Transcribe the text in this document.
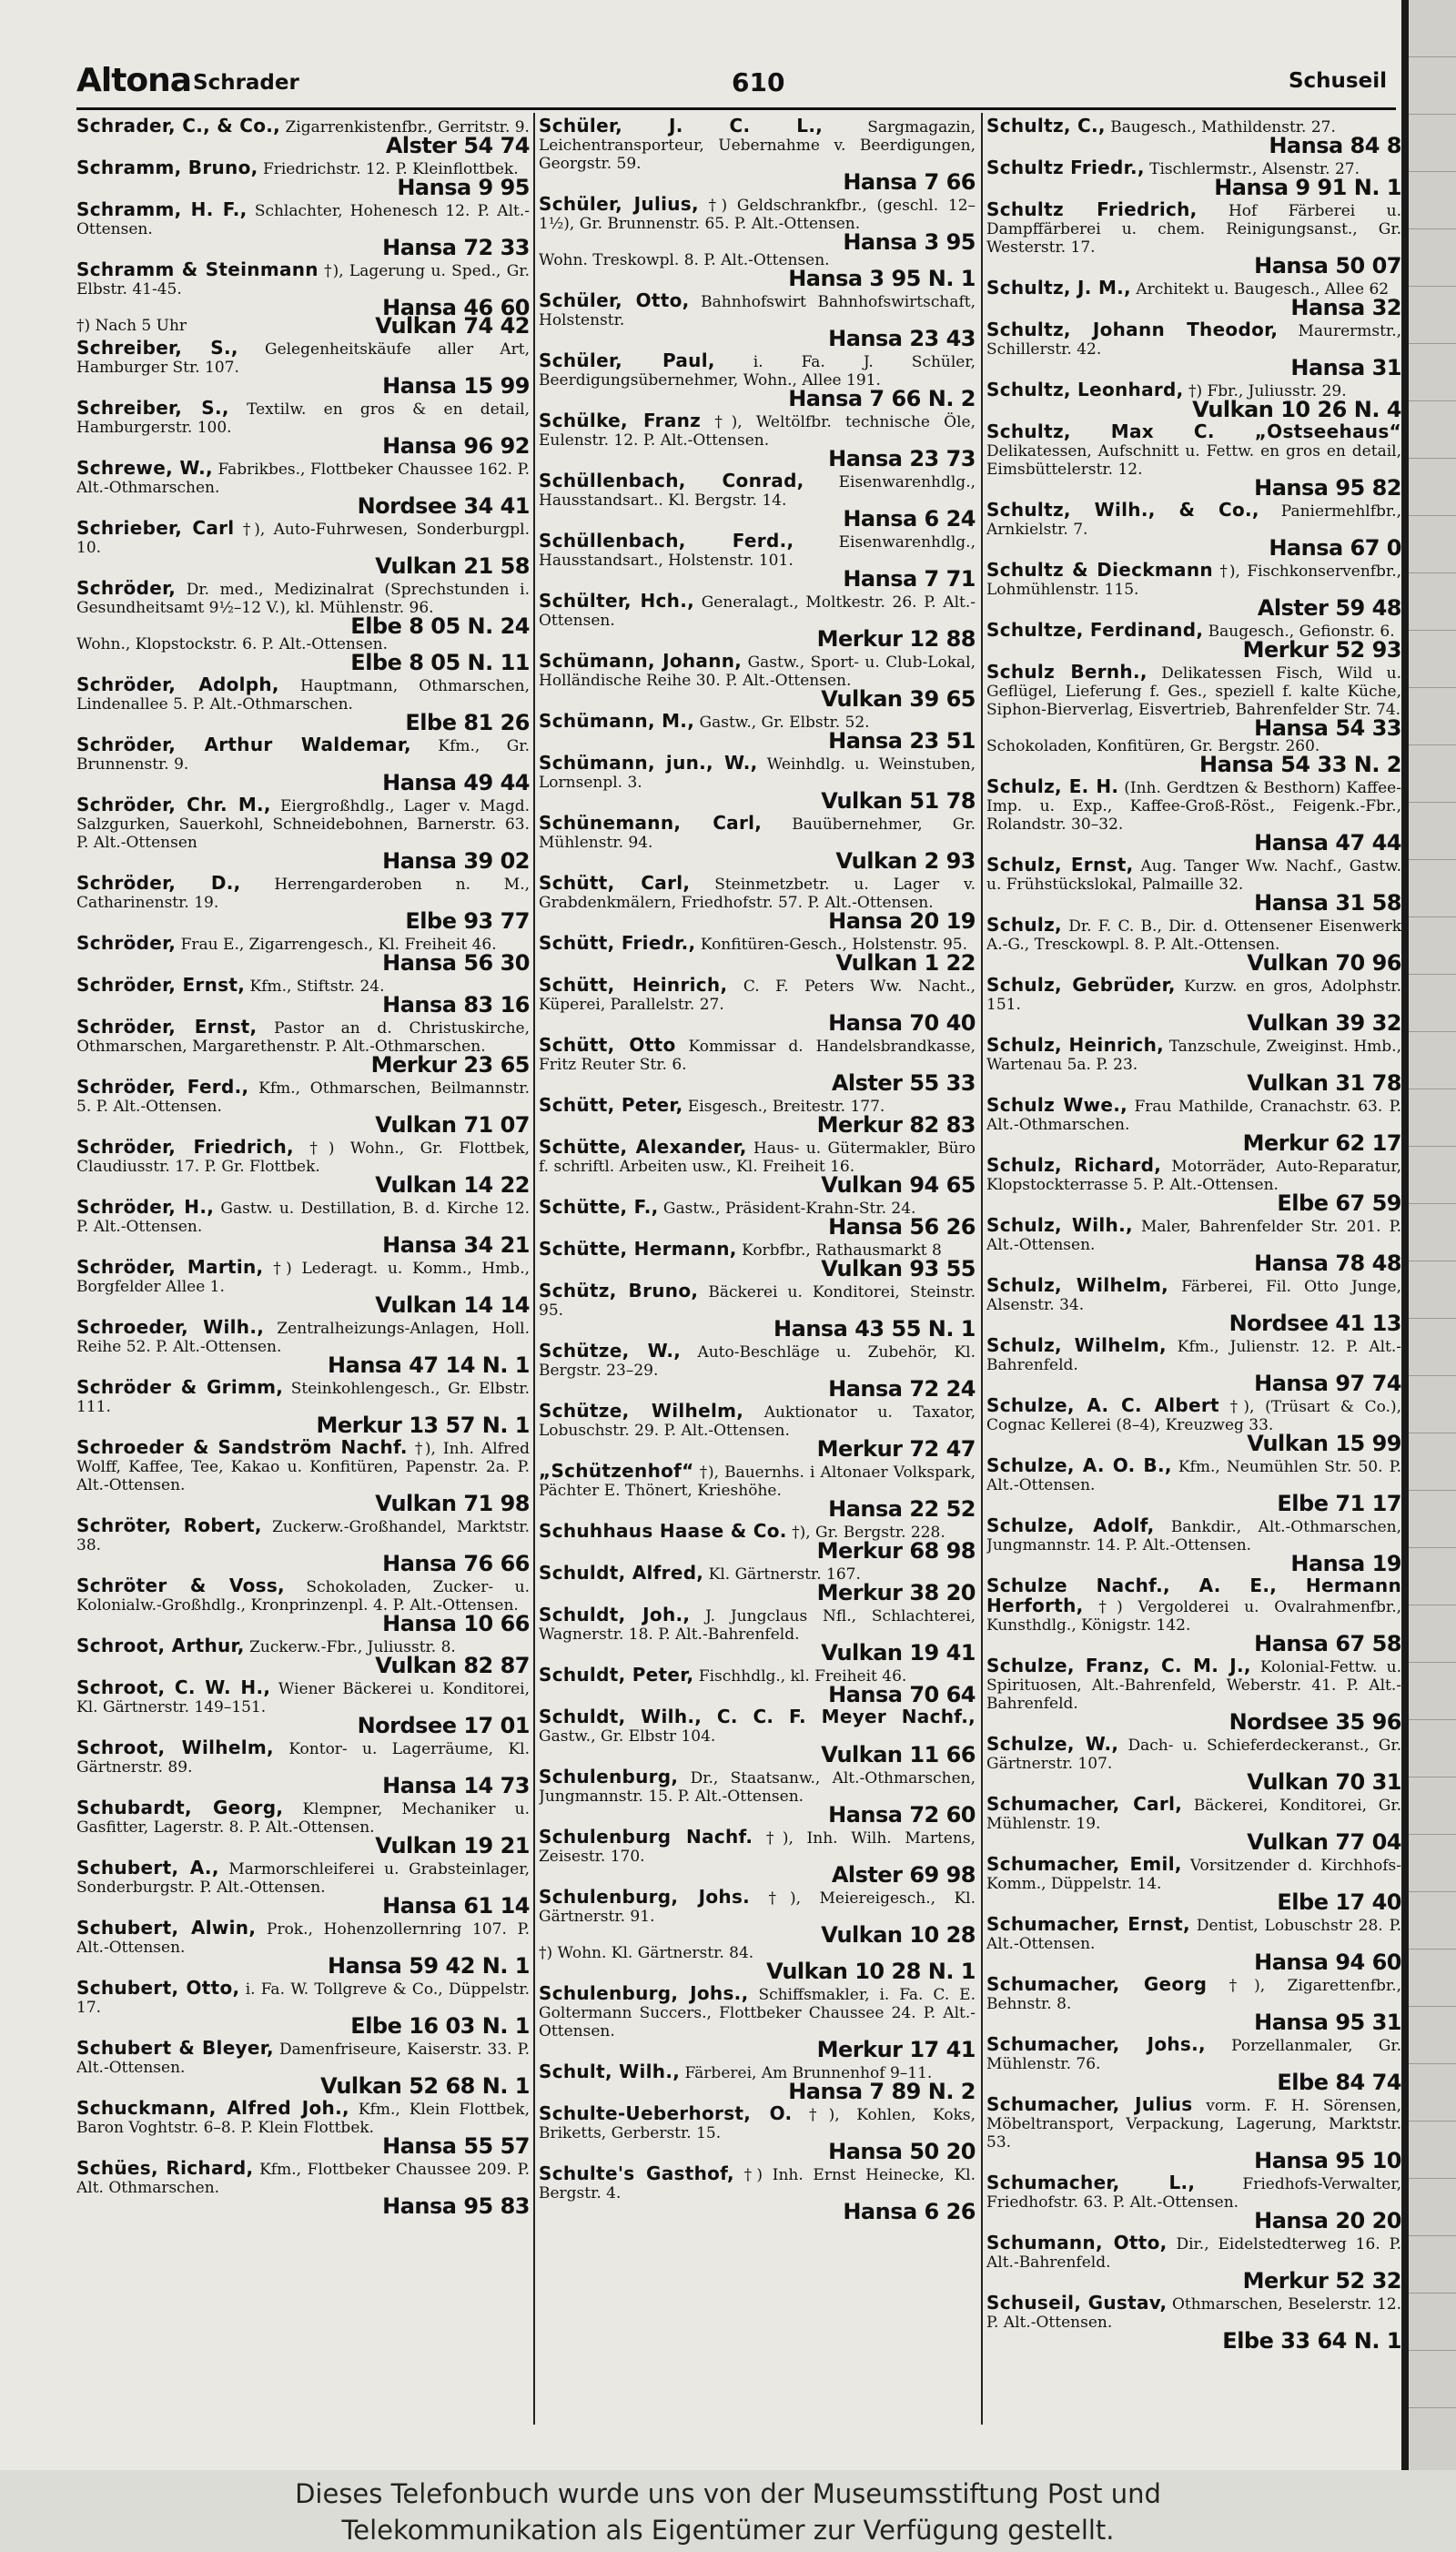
Altona Schrader	610	Schuseil
Schrader, C., & Co., Zigarrenkistenfbr., Gerritstr. 9.
Alster 54 74
Schramm, Bruno, Friedrichstr. 12. P. Kleinflottbek.
Hansa 9 95
Schramm, H. F., Schlachter, Hohenesch 12. P. Alt.-Ottensen.
Hansa 72 33
Schramm & Steinmann †), Lagerung u. Sped., Gr. Elbstr. 41-45.
Hansa 46 60
†) Nach 5 Uhr	Vulkan 74 42
Schreiber, S., Gelegenheitskäufe aller Art, Hamburger Str. 107.
Hansa 15 99
Schreiber, S., Textilw. en gros & en detail, Hamburgerstr. 100.
Hansa 96 92
Schrewe, W., Fabrikbes., Flottbeker Chaussee 162. P. Alt.-Othmarschen.
Nordsee 34 41
Schrieber, Carl †), Auto-Fuhrwesen, Sonderburgpl. 10.
Vulkan 21 58
Schröder, Dr. med., Medizinalrat (Sprechstunden i. Gesundheitsamt 9½–12 V.), kl. Mühlenstr. 96.
Elbe 8 05 N. 24
Wohn., Klopstockstr. 6. P. Alt.-Ottensen.
Elbe 8 05 N. 11
Schröder, Adolph, Hauptmann, Othmarschen, Lindenallee 5. P. Alt.-Othmarschen.
Elbe 81 26
Schröder, Arthur Waldemar, Kfm., Gr. Brunnenstr. 9.
Hansa 49 44
Schröder, Chr. M., Eiergroßhdlg., Lager v. Magd. Salzgurken, Sauerkohl, Schneidebohnen, Barnerstr. 63. P. Alt.-Ottensen
Hansa 39 02
Schröder, D., Herrengarderoben n. M., Catharinenstr. 19.
Elbe 93 77
Schröder, Frau E., Zigarrengesch., Kl. Freiheit 46.
Hansa 56 30
Schröder, Ernst, Kfm., Stiftstr. 24.
Hansa 83 16
Schröder, Ernst, Pastor an d. Christuskirche, Othmarschen, Margarethenstr. P. Alt.-Othmarschen.
Merkur 23 65
Schröder, Ferd., Kfm., Othmarschen, Beilmannstr. 5. P. Alt.-Ottensen.
Vulkan 71 07
Schröder, Friedrich, †) Wohn., Gr. Flottbek, Claudiusstr. 17. P. Gr. Flottbek.
Vulkan 14 22
Schröder, H., Gastw. u. Destillation, B. d. Kirche 12. P. Alt.-Ottensen.
Hansa 34 21
Schröder, Martin, †) Lederagt. u. Komm., Hmb., Borgfelder Allee 1.
Vulkan 14 14
Schroeder, Wilh., Zentralheizungs-Anlagen, Holl. Reihe 52. P. Alt.-Ottensen.
Hansa 47 14 N. 1
Schröder & Grimm, Steinkohlengesch., Gr. Elbstr. 111.
Merkur 13 57 N. 1
Schroeder & Sandström Nachf. †), Inh. Alfred Wolff, Kaffee, Tee, Kakao u. Konfitüren, Papenstr. 2a. P. Alt.-Ottensen.
Vulkan 71 98
Schröter, Robert, Zuckerw.-Großhandel, Marktstr. 38.
Hansa 76 66
Schröter & Voss, Schokoladen, Zucker- u. Kolonialw.-Großhdlg., Kronprinzenpl. 4. P. Alt.-Ottensen.
Hansa 10 66
Schroot, Arthur, Zuckerw.-Fbr., Juliusstr. 8.
Vulkan 82 87
Schroot, C. W. H., Wiener Bäckerei u. Konditorei, Kl. Gärtnerstr. 149–151.
Nordsee 17 01
Schroot, Wilhelm, Kontor- u. Lagerräume, Kl. Gärtnerstr. 89.
Hansa 14 73
Schubardt, Georg, Klempner, Mechaniker u. Gasfitter, Lagerstr. 8. P. Alt.-Ottensen.
Vulkan 19 21
Schubert, A., Marmorschleiferei u. Grabsteinlager, Sonderburgstr. P. Alt.-Ottensen.
Hansa 61 14
Schubert, Alwin, Prok., Hohenzollernring 107. P. Alt.-Ottensen.
Hansa 59 42 N. 1
Schubert, Otto, i. Fa. W. Tollgreve & Co., Düppelstr. 17.
Elbe 16 03 N. 1
Schubert & Bleyer, Damenfriseure, Kaiserstr. 33. P. Alt.-Ottensen.
Vulkan 52 68 N. 1
Schuckmann, Alfred Joh., Kfm., Klein Flottbek, Baron Voghtstr. 6–8. P. Klein Flottbek.
Hansa 55 57
Schües, Richard, Kfm., Flottbeker Chaussee 209. P. Alt. Othmarschen.
Hansa 95 83
Schüler, J. C. L.,	Sargmagazin, Leichentransporteur, Uebernahme v. Beerdigungen, Georgstr. 59.
Hansa 7 66
Schüler, Julius, †) Geldschrankfbr., (geschl. 12–1½), Gr. Brunnenstr. 65. P. Alt.-Ottensen.
Hansa 3 95
Wohn. Treskowpl. 8. P. Alt.-Ottensen.
Hansa 3 95 N. 1
Schüler, Otto, Bahnhofswirt Bahnhofswirtschaft, Holstenstr.
Hansa 23 43
Schüler, Paul, i. Fa. J. Schüler, Beerdigungsübernehmer, Wohn., Allee 191.
Hansa 7 66 N. 2
Schülke, Franz †), Weltölfbr. technische Öle, Eulenstr. 12. P. Alt.-Ottensen.
Hansa 23 73
Schüllenbach, Conrad, Eisenwarenhdlg., Hausstandsart.. Kl. Bergstr. 14.
Hansa 6 24
Schüllenbach, Ferd.,	Eisenwarenhdlg., Hausstandsart., Holstenstr. 101.
Hansa 7 71
Schülter, Hch., Generalagt., Moltkestr. 26. P. Alt.-Ottensen.
Merkur 12 88
Schümann, Johann, Gastw., Sport- u. Club-Lokal, Holländische Reihe 30. P. Alt.-Ottensen.
Vulkan 39 65
Schümann, M., Gastw., Gr. Elbstr. 52.
Hansa 23 51
Schümann, jun., W., Weinhdlg. u. Weinstuben, Lornsenpl. 3.
Vulkan 51 78
Schünemann, Carl, Bauübernehmer, Gr. Mühlenstr. 94.
Vulkan 2 93
Schütt, Carl, Steinmetzbetr. u. Lager v. Grabdenkmälern, Friedhofstr. 57. P. Alt.-Ottensen.
Hansa 20 19
Schütt, Friedr., Konfitüren-Gesch., Holstenstr. 95.
Vulkan 1 22
Schütt, Heinrich, C. F. Peters Ww. Nacht., Küperei, Parallelstr. 27.
Hansa 70 40
Schütt, Otto Kommissar d. Handelsbrandkasse, Fritz Reuter Str. 6.
Alster 55 33
Schütt, Peter, Eisgesch., Breitestr. 177.
Merkur 82 83
Schütte, Alexander, Haus- u. Gütermakler, Büro f. schriftl. Arbeiten usw., Kl. Freiheit 16.
Vulkan 94 65
Schütte, F., Gastw., Präsident-Krahn-Str. 24.
Hansa 56 26
Schütte, Hermann, Korbfbr., Rathausmarkt 8
Vulkan 93 55
Schütz, Bruno, Bäckerei u. Konditorei, Steinstr. 95.
Hansa 43 55 N. 1
Schütze, W., Auto-Beschläge u. Zubehör, Kl. Bergstr. 23–29.
Hansa 72 24
Schütze, Wilhelm, Auktionator u. Taxator, Lobuschstr. 29. P. Alt.-Ottensen.
Merkur 72 47
„Schützenhof“ †), Bauernhs. i Altonaer Volkspark, Pächter E. Thönert, Krieshöhe.
Hansa 22 52
Schuhhaus Haase & Co. †), Gr. Bergstr. 228.
Merkur 68 98
Schuldt, Alfred, Kl. Gärtnerstr. 167.
Merkur 38 20
Schuldt, Joh., J. Jungclaus Nfl., Schlachterei, Wagnerstr. 18. P. Alt.-Bahrenfeld.
Vulkan 19 41
Schuldt, Peter, Fischhdlg., kl. Freiheit 46.
Hansa 70 64
Schuldt, Wilh., C. C. F. Meyer Nachf., Gastw., Gr. Elbstr 104.
Vulkan 11 66
Schulenburg, Dr., Staatsanw., Alt.-Othmarschen, Jungmannstr. 15. P. Alt.-Ottensen.
Hansa 72 60
Schulenburg Nachf. †), Inh. Wilh. Martens, Zeisestr. 170.
Alster 69 98
Schulenburg, Johs. †), Meiereigesch., Kl. Gärtnerstr. 91.
Vulkan 10 28
†) Wohn. Kl. Gärtnerstr. 84.
Vulkan 10 28 N. 1
Schulenburg, Johs., Schiffsmakler, i. Fa. C. E. Goltermann Succers., Flottbeker Chaussee 24. P. Alt.-Ottensen.
Merkur 17 41
Schult, Wilh., Färberei, Am Brunnenhof 9–11.
Hansa 7 89 N. 2
Schulte-Ueberhorst, O. †), Kohlen, Koks, Briketts, Gerberstr. 15.
Hansa 50 20
Schulte's Gasthof, †) Inh. Ernst Heinecke, Kl. Bergstr. 4.
Hansa 6 26
Schultz, C., Baugesch., Mathildenstr. 27.
Hansa 84 8
Schultz Friedr., Tischlermstr., Alsenstr. 27.
Hansa 9 91 N. 1
Schultz Friedrich, Hof Färberei u. Dampffärberei u. chem. Reinigungsanst., Gr. Westerstr. 17.
Hansa 50 07
Schultz, J. M., Architekt u. Baugesch., Allee 62
Hansa 32
Schultz, Johann Theodor, Maurermstr., Schillerstr. 42.
Hansa 31
Schultz, Leonhard, †) Fbr., Juliusstr. 29.
Vulkan 10 26 N. 4
Schultz, Max C. „Ostseehaus“ Delikatessen, Aufschnitt u. Fettw. en gros en detail, Eimsbüttelerstr. 12.
Hansa 95 82
Schultz, Wilh., & Co., Paniermehlfbr., Arnkielstr. 7.
Hansa 67 0
Schultz & Dieckmann †), Fischkonservenfbr., Lohmühlenstr. 115.
Alster 59 48
Schultze, Ferdinand, Baugesch., Gefionstr. 6.
Merkur 52 93
Schulz Bernh., Delikatessen Fisch, Wild u. Geflügel, Lieferung f. Ges., speziell f. kalte Küche, Siphon-Bierverlag, Eisvertrieb, Bahrenfelder Str. 74.
Hansa 54 33
Schokoladen, Konfitüren, Gr. Bergstr. 260.
Hansa 54 33 N. 2
Schulz, E. H. (Inh. Gerdtzen & Besthorn) Kaffee-Imp. u. Exp., Kaffee-Groß-Röst., Feigenk.-Fbr., Rolandstr. 30–32.
Hansa 47 44
Schulz, Ernst, Aug. Tanger Ww. Nachf., Gastw. u. Frühstückslokal, Palmaille 32.
Hansa 31 58
Schulz, Dr. F. C. B., Dir. d. Ottensener Eisenwerk A.-G., Tresckowpl. 8. P. Alt.-Ottensen.
Vulkan 70 96
Schulz, Gebrüder, Kurzw. en gros, Adolphstr. 151.
Vulkan 39 32
Schulz, Heinrich, Tanzschule, Zweiginst. Hmb., Wartenau 5a. P. 23.
Vulkan 31 78
Schulz Wwe., Frau Mathilde, Cranachstr. 63. P. Alt.-Othmarschen.
Merkur 62 17
Schulz, Richard, Motorräder, Auto-Reparatur, Klopstockterrasse 5. P. Alt.-Ottensen.
Elbe 67 59
Schulz, Wilh., Maler, Bahrenfelder Str. 201. P. Alt.-Ottensen.
Hansa 78 48
Schulz, Wilhelm, Färberei, Fil. Otto Junge, Alsenstr. 34.
Nordsee 41 13
Schulz, Wilhelm, Kfm., Julienstr. 12. P. Alt.-Bahrenfeld.
Hansa 97 74
Schulze, A. C. Albert †), (Trüsart & Co.), Cognac Kellerei (8–4), Kreuzweg 33.
Vulkan 15 99
Schulze, A. O. B., Kfm., Neumühlen Str. 50. P. Alt.-Ottensen.
Elbe 71 17
Schulze, Adolf, Bankdir., Alt.-Othmarschen, Jungmannstr. 14. P. Alt.-Ottensen.
Hansa 19
Schulze Nachf., A. E., Hermann Herforth, †) Vergolderei u. Ovalrahmenfbr., Kunsthdlg., Königstr. 142.
Hansa 67 58
Schulze, Franz, C. M. J., Kolonial-Fettw. u. Spirituosen, Alt.-Bahrenfeld, Weberstr. 41. P. Alt.-Bahrenfeld.
Nordsee 35 96
Schulze, W., Dach- u. Schieferdeckeranst., Gr. Gärtnerstr. 107.
Vulkan 70 31
Schumacher, Carl, Bäckerei, Konditorei, Gr. Mühlenstr. 19.
Vulkan 77 04
Schumacher, Emil, Vorsitzender d. Kirchhofs-Komm., Düppelstr. 14.
Elbe 17 40
Schumacher, Ernst, Dentist, Lobuschstr 28. P. Alt.-Ottensen.
Hansa 94 60
Schumacher, Georg †), Zigarettenfbr., Behnstr. 8.
Hansa 95 31
Schumacher, Johs., Porzellanmaler, Gr. Mühlenstr. 76.
Elbe 84 74
Schumacher, Julius vorm. F. H. Sörensen, Möbeltransport, Verpackung, Lagerung, Marktstr. 53.
Hansa 95 10
Schumacher, L.,	Friedhofs-Verwalter, Friedhofstr. 63. P. Alt.-Ottensen.
Hansa 20 20
Schumann, Otto, Dir., Eidelstedterweg 16. P. Alt.-Bahrenfeld.
Merkur 52 32
Schuseil, Gustav, Othmarschen, Beselerstr. 12. P. Alt.-Ottensen.
Elbe 33 64 N. 1
Dieses Telefonbuch wurde uns von der Museumsstiftung Post und
Telekommunikation als Eigentümer zur Verfügung gestellt.
